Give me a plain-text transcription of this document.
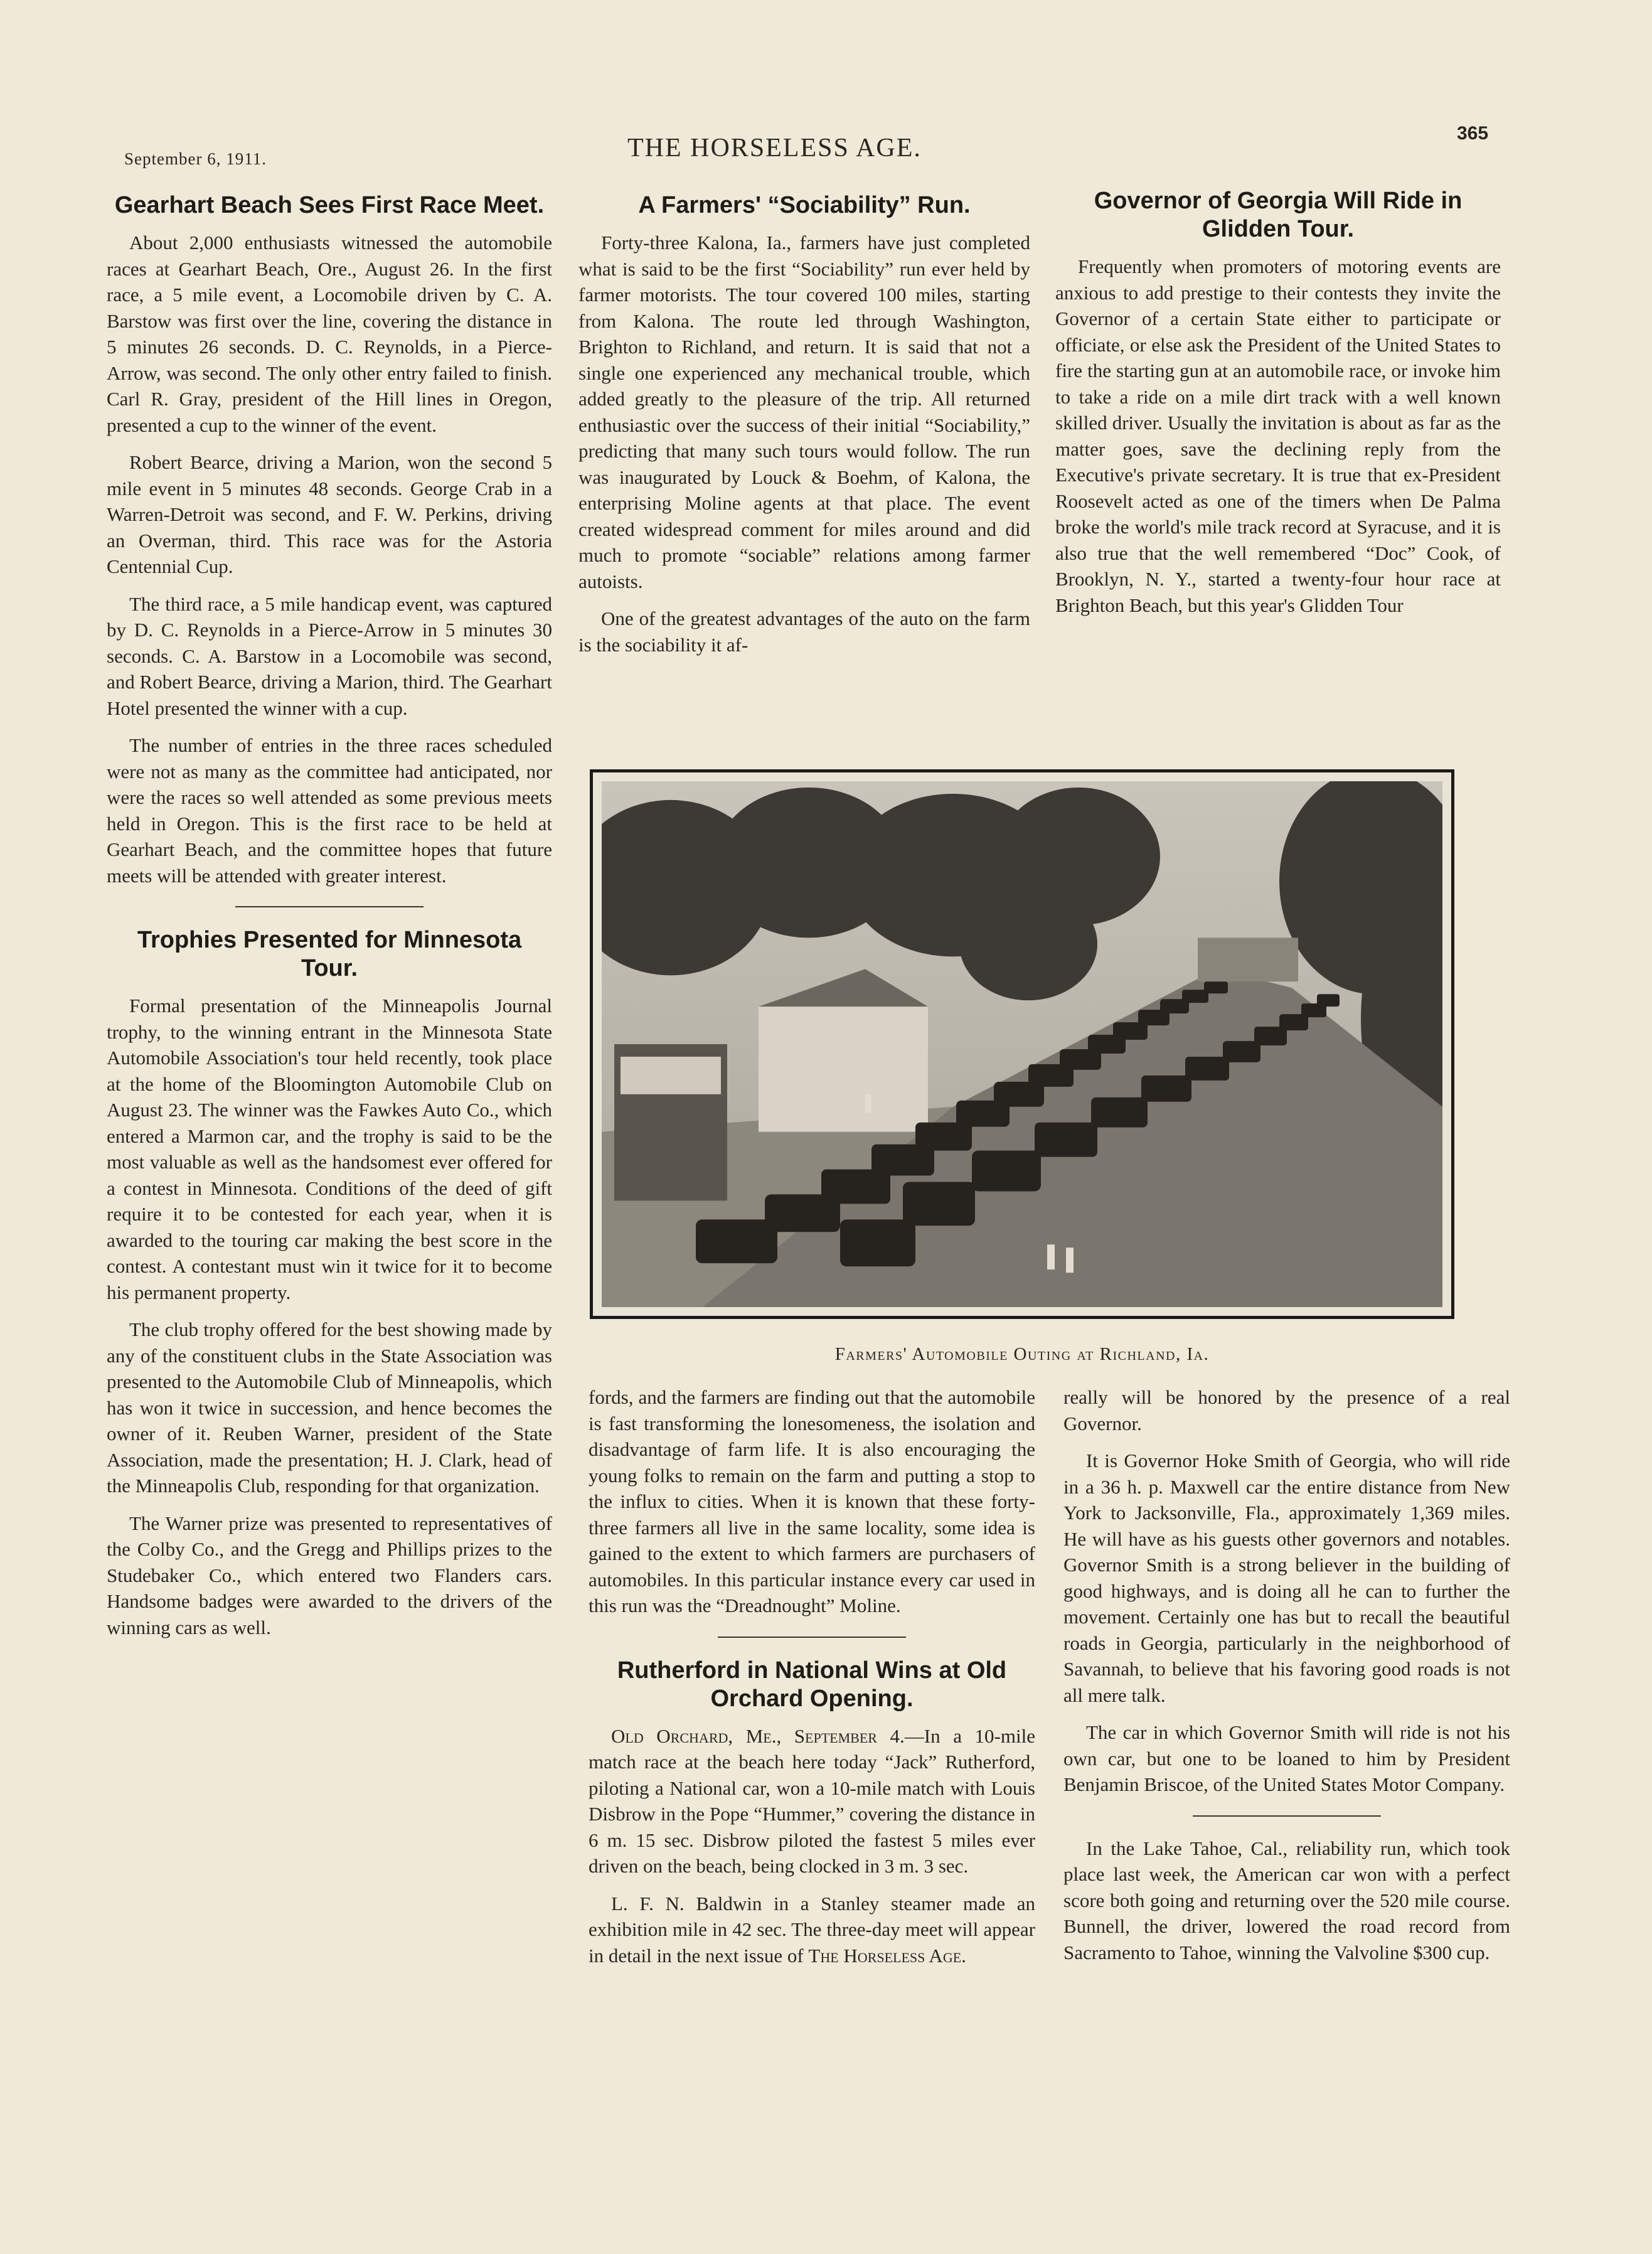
September 6, 1911.	THE HORSELESS AGE.
365
Gearhart Beach Sees First Race Meet.

About 2,000 enthusiasts witnessed the automobile races at Gearhart Beach, Ore., August 26. In the first race, a 5 mile event, a Locomobile driven by C. A. Barstow was first over the line, covering the distance in 5 minutes 26 seconds. D. C. Reynolds, in a Pierce-Arrow, was second. The only other entry failed to finish. Carl R. Gray, president of the Hill lines in Oregon, presented a cup to the winner of the event.

Robert Bearce, driving a Marion, won the second 5 mile event in 5 minutes 48 seconds. George Crab in a Warren-Detroit was second, and F. W. Perkins, driving an Overman, third. This race was for the Astoria Centennial Cup.

The third race, a 5 mile handicap event, was captured by D. C. Reynolds in a Pierce-Arrow in 5 minutes 30 seconds. C. A. Barstow in a Locomobile was second, and Robert Bearce, driving a Marion, third. The Gearhart Hotel presented the winner with a cup.

The number of entries in the three races scheduled were not as many as the committee had anticipated, nor were the races so well attended as some previous meets held in Oregon. This is the first race to be held at Gearhart Beach, and the committee hopes that future meets will be attended with greater interest.

Trophies Presented for Minnesota Tour.

Formal presentation of the Minneapolis Journal trophy, to the winning entrant in the Minnesota State Automobile Association's tour held recently, took place at the home of the Bloomington Automobile Club on August 23. The winner was the Fawkes Auto Co., which entered a Marmon car, and the trophy is said to be the most valuable as well as the handsomest ever offered for a contest in Minnesota. Conditions of the deed of gift require it to be contested for each year, when it is awarded to the touring car making the best score in the contest. A contestant must win it twice for it to become his permanent property.

The club trophy offered for the best showing made by any of the constituent clubs in the State Association was presented to the Automobile Club of Minneapolis, which has won it twice in succession, and hence becomes the owner of it. Reuben Warner, president of the State Association, made the presentation; H. J. Clark, head of the Minneapolis Club, responding for that organization.

The Warner prize was presented to representatives of the Colby Co., and the Gregg and Phillips prizes to the Studebaker Co., which entered two Flanders cars. Handsome badges were awarded to the drivers of the winning cars as well.

A Farmers' “Sociability” Run.

Forty-three Kalona, Ia., farmers have just completed what is said to be the first “Sociability” run ever held by farmer motorists. The tour covered 100 miles, starting from Kalona. The route led through Washington, Brighton to Richland, and return. It is said that not a single one experienced any mechanical trouble, which added greatly to the pleasure of the trip. All returned enthusiastic over the success of their initial “Sociability,” predicting that many such tours would follow. The run was inaugurated by Louck & Boehm, of Kalona, the enterprising Moline agents at that place. The event created widespread comment for miles around and did much to promote “sociable” relations among farmer autoists.

One of the greatest advantages of the auto on the farm is the sociability it af-

Governor of Georgia Will Ride in Glidden Tour.

Frequently when promoters of motoring events are anxious to add prestige to their contests they invite the Governor of a certain State either to participate or officiate, or else ask the President of the United States to fire the starting gun at an automobile race, or invoke him to take a ride on a mile dirt track with a well known skilled driver. Usually the invitation is about as far as the matter goes, save the declining reply from the Executive's private secretary. It is true that ex-President Roosevelt acted as one of the timers when De Palma broke the world's mile track record at Syracuse, and it is also true that the well remembered “Doc” Cook, of Brooklyn, N. Y., started a twenty-four hour race at Brighton Beach, but this year's Glidden Tour

Farmers' Automobile Outing at Richland, Ia.

fords, and the farmers are finding out that the automobile is fast transforming the lonesomeness, the isolation and disadvantage of farm life. It is also encouraging the young folks to remain on the farm and putting a stop to the influx to cities. When it is known that these forty-three farmers all live in the same locality, some idea is gained to the extent to which farmers are purchasers of automobiles. In this particular instance every car used in this run was the “Dreadnought” Moline.

Rutherford in National Wins at Old Orchard Opening.

Old Orchard, Me., September 4.—In a 10-mile match race at the beach here today “Jack” Rutherford, piloting a National car, won a 10-mile match with Louis Disbrow in the Pope “Hummer,” covering the distance in 6 m. 15 sec. Disbrow piloted the fastest 5 miles ever driven on the beach, being clocked in 3 m. 3 sec.

L. F. N. Baldwin in a Stanley steamer made an exhibition mile in 42 sec. The three-day meet will appear in detail in the next issue of The Horseless Age.

really will be honored by the presence of a real Governor.

It is Governor Hoke Smith of Georgia, who will ride in a 36 h. p. Maxwell car the entire distance from New York to Jacksonville, Fla., approximately 1,369 miles. He will have as his guests other governors and notables. Governor Smith is a strong believer in the building of good highways, and is doing all he can to further the movement. Certainly one has but to recall the beautiful roads in Georgia, particularly in the neighborhood of Savannah, to believe that his favoring good roads is not all mere talk.

The car in which Governor Smith will ride is not his own car, but one to be loaned to him by President Benjamin Briscoe, of the United States Motor Company.

In the Lake Tahoe, Cal., reliability run, which took place last week, the American car won with a perfect score both going and returning over the 520 mile course. Bunnell, the driver, lowered the road record from Sacramento to Tahoe, winning the Valvoline $300 cup.
